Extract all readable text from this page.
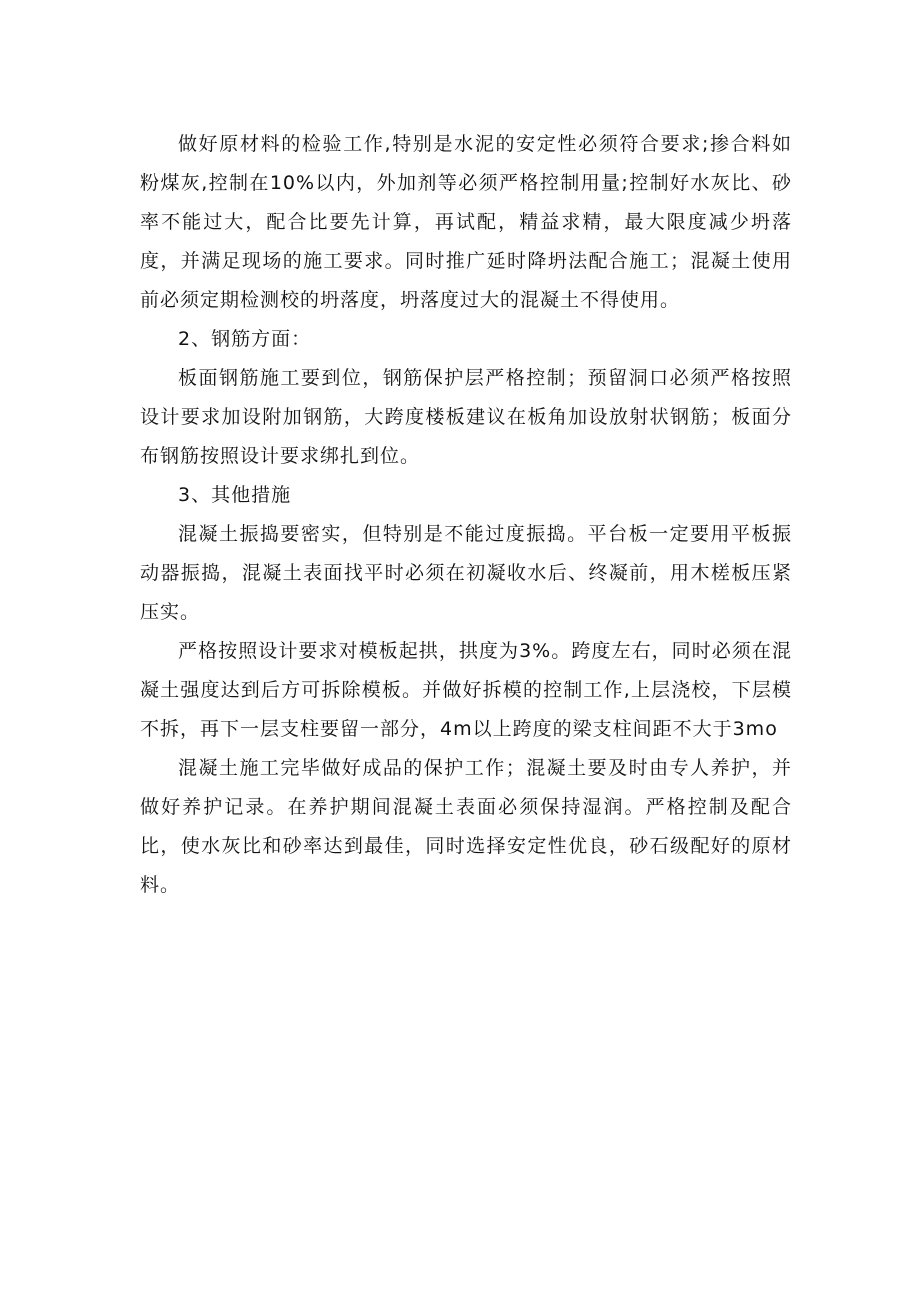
做好原材料的检验工作,特别是水泥的安定性必须符合要求;掺合料如粉煤灰,控制在10%以内，外加剂等必须严格控制用量;控制好水灰比、砂率不能过大，配合比要先计算，再试配，精益求精，最大限度减少坍落度，并满足现场的施工要求。同时推广延时降坍法配合施工；混凝土使用前必须定期检测校的坍落度，坍落度过大的混凝土不得使用。

2、钢筋方面：

板面钢筋施工要到位，钢筋保护层严格控制；预留洞口必须严格按照设计要求加设附加钢筋，大跨度楼板建议在板角加设放射状钢筋；板面分布钢筋按照设计要求绑扎到位。

3、其他措施

混凝土振捣要密实，但特别是不能过度振捣。平台板一定要用平板振动器振捣，混凝土表面找平时必须在初凝收水后、终凝前，用木槎板压紧压实。

严格按照设计要求对模板起拱，拱度为3%。跨度左右，同时必须在混凝土强度达到后方可拆除模板。并做好拆模的控制工作,上层浇校，下层模不拆，再下一层支柱要留一部分，4m以上跨度的梁支柱间距不大于3mo

混凝土施工完毕做好成品的保护工作；混凝土要及时由专人养护，并做好养护记录。在养护期间混凝土表面必须保持湿润。严格控制及配合比，使水灰比和砂率达到最佳，同时选择安定性优良，砂石级配好的原材料。
